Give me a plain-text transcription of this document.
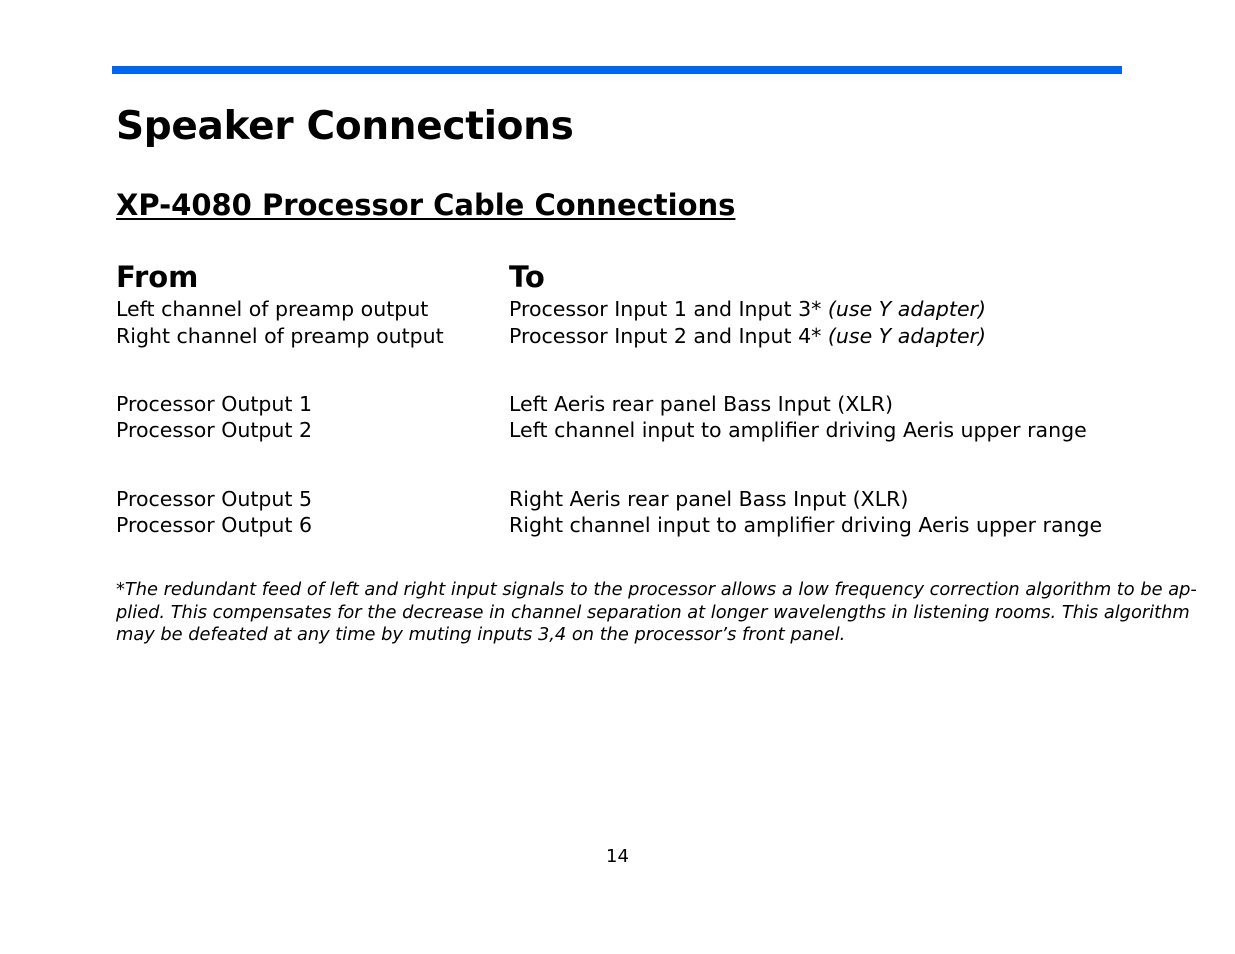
Speaker Connections
XP-4080 Processor Cable Connections
From	To
Left channel of preamp output	Processor Input 1 and Input 3* (use Y adapter)
Right channel of preamp output	Processor Input 2 and Input 4* (use Y adapter)
Processor Output 1	Left Aeris rear panel Bass Input (XLR)
Processor Output 2	Left channel input to amplifier driving Aeris upper range
Processor Output 5	Right Aeris rear panel Bass Input (XLR)
Processor Output 6	Right channel input to amplifier driving Aeris upper range

*The redundant feed of left and right input signals to the processor allows a low frequency correction algorithm to be ap-
plied. This compensates for the decrease in channel separation at longer wavelengths in listening rooms. This algorithm
may be defeated at any time by muting inputs 3,4 on the processor’s front panel.

14
